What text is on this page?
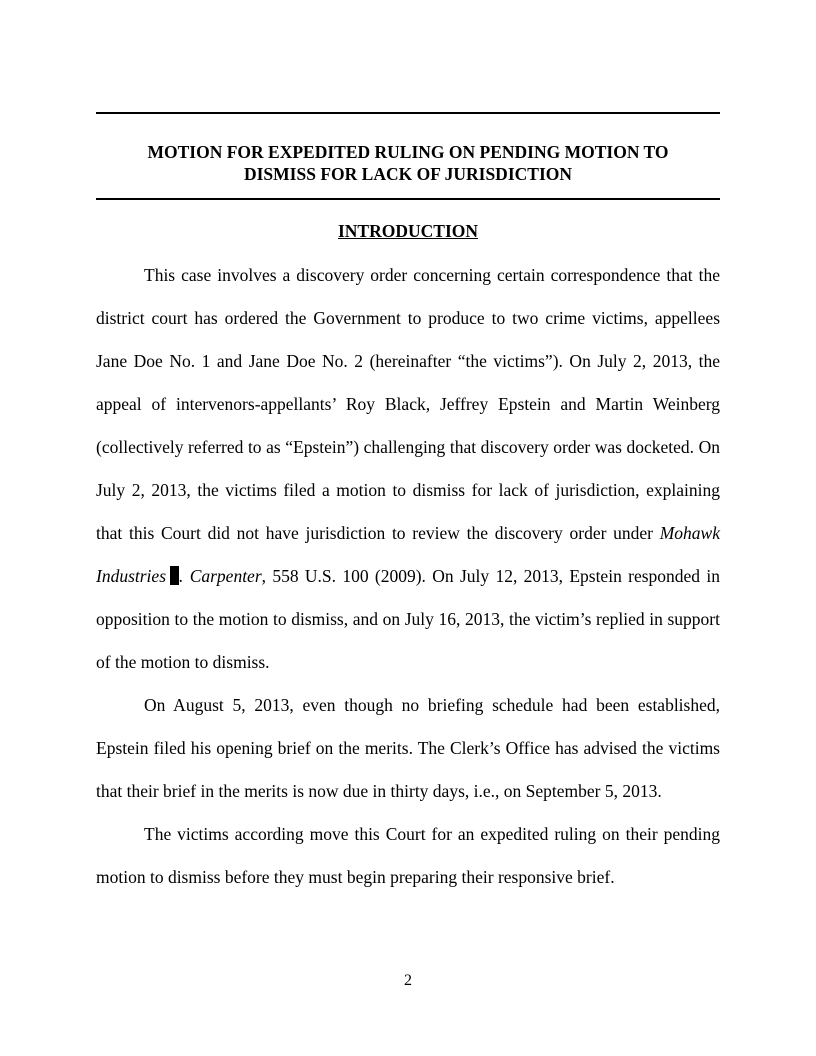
MOTION FOR EXPEDITED RULING ON PENDING MOTION TO
DISMISS FOR LACK OF JURISDICTION
INTRODUCTION

This case involves a discovery order concerning certain correspondence that the district court has ordered the Government to produce to two crime victims, appellees Jane Doe No. 1 and Jane Doe No. 2 (hereinafter “the victims”). On July 2, 2013, the appeal of intervenors-appellants’ Roy Black, Jeffrey Epstein and Martin Weinberg (collectively referred to as “Epstein”) challenging that discovery order was docketed. On July 2, 2013, the victims filed a motion to dismiss for lack of jurisdiction, explaining that this Court did not have jurisdiction to review the discovery order under Mohawk Industries . Carpenter, 558 U.S. 100 (2009). On July 12, 2013, Epstein responded in opposition to the motion to dismiss, and on July 16, 2013, the victim’s replied in support of the motion to dismiss.

On August 5, 2013, even though no briefing schedule had been established, Epstein filed his opening brief on the merits. The Clerk’s Office has advised the victims that their brief in the merits is now due in thirty days, i.e., on September 5, 2013.

The victims according move this Court for an expedited ruling on their pending motion to dismiss before they must begin preparing their responsive brief.

2
